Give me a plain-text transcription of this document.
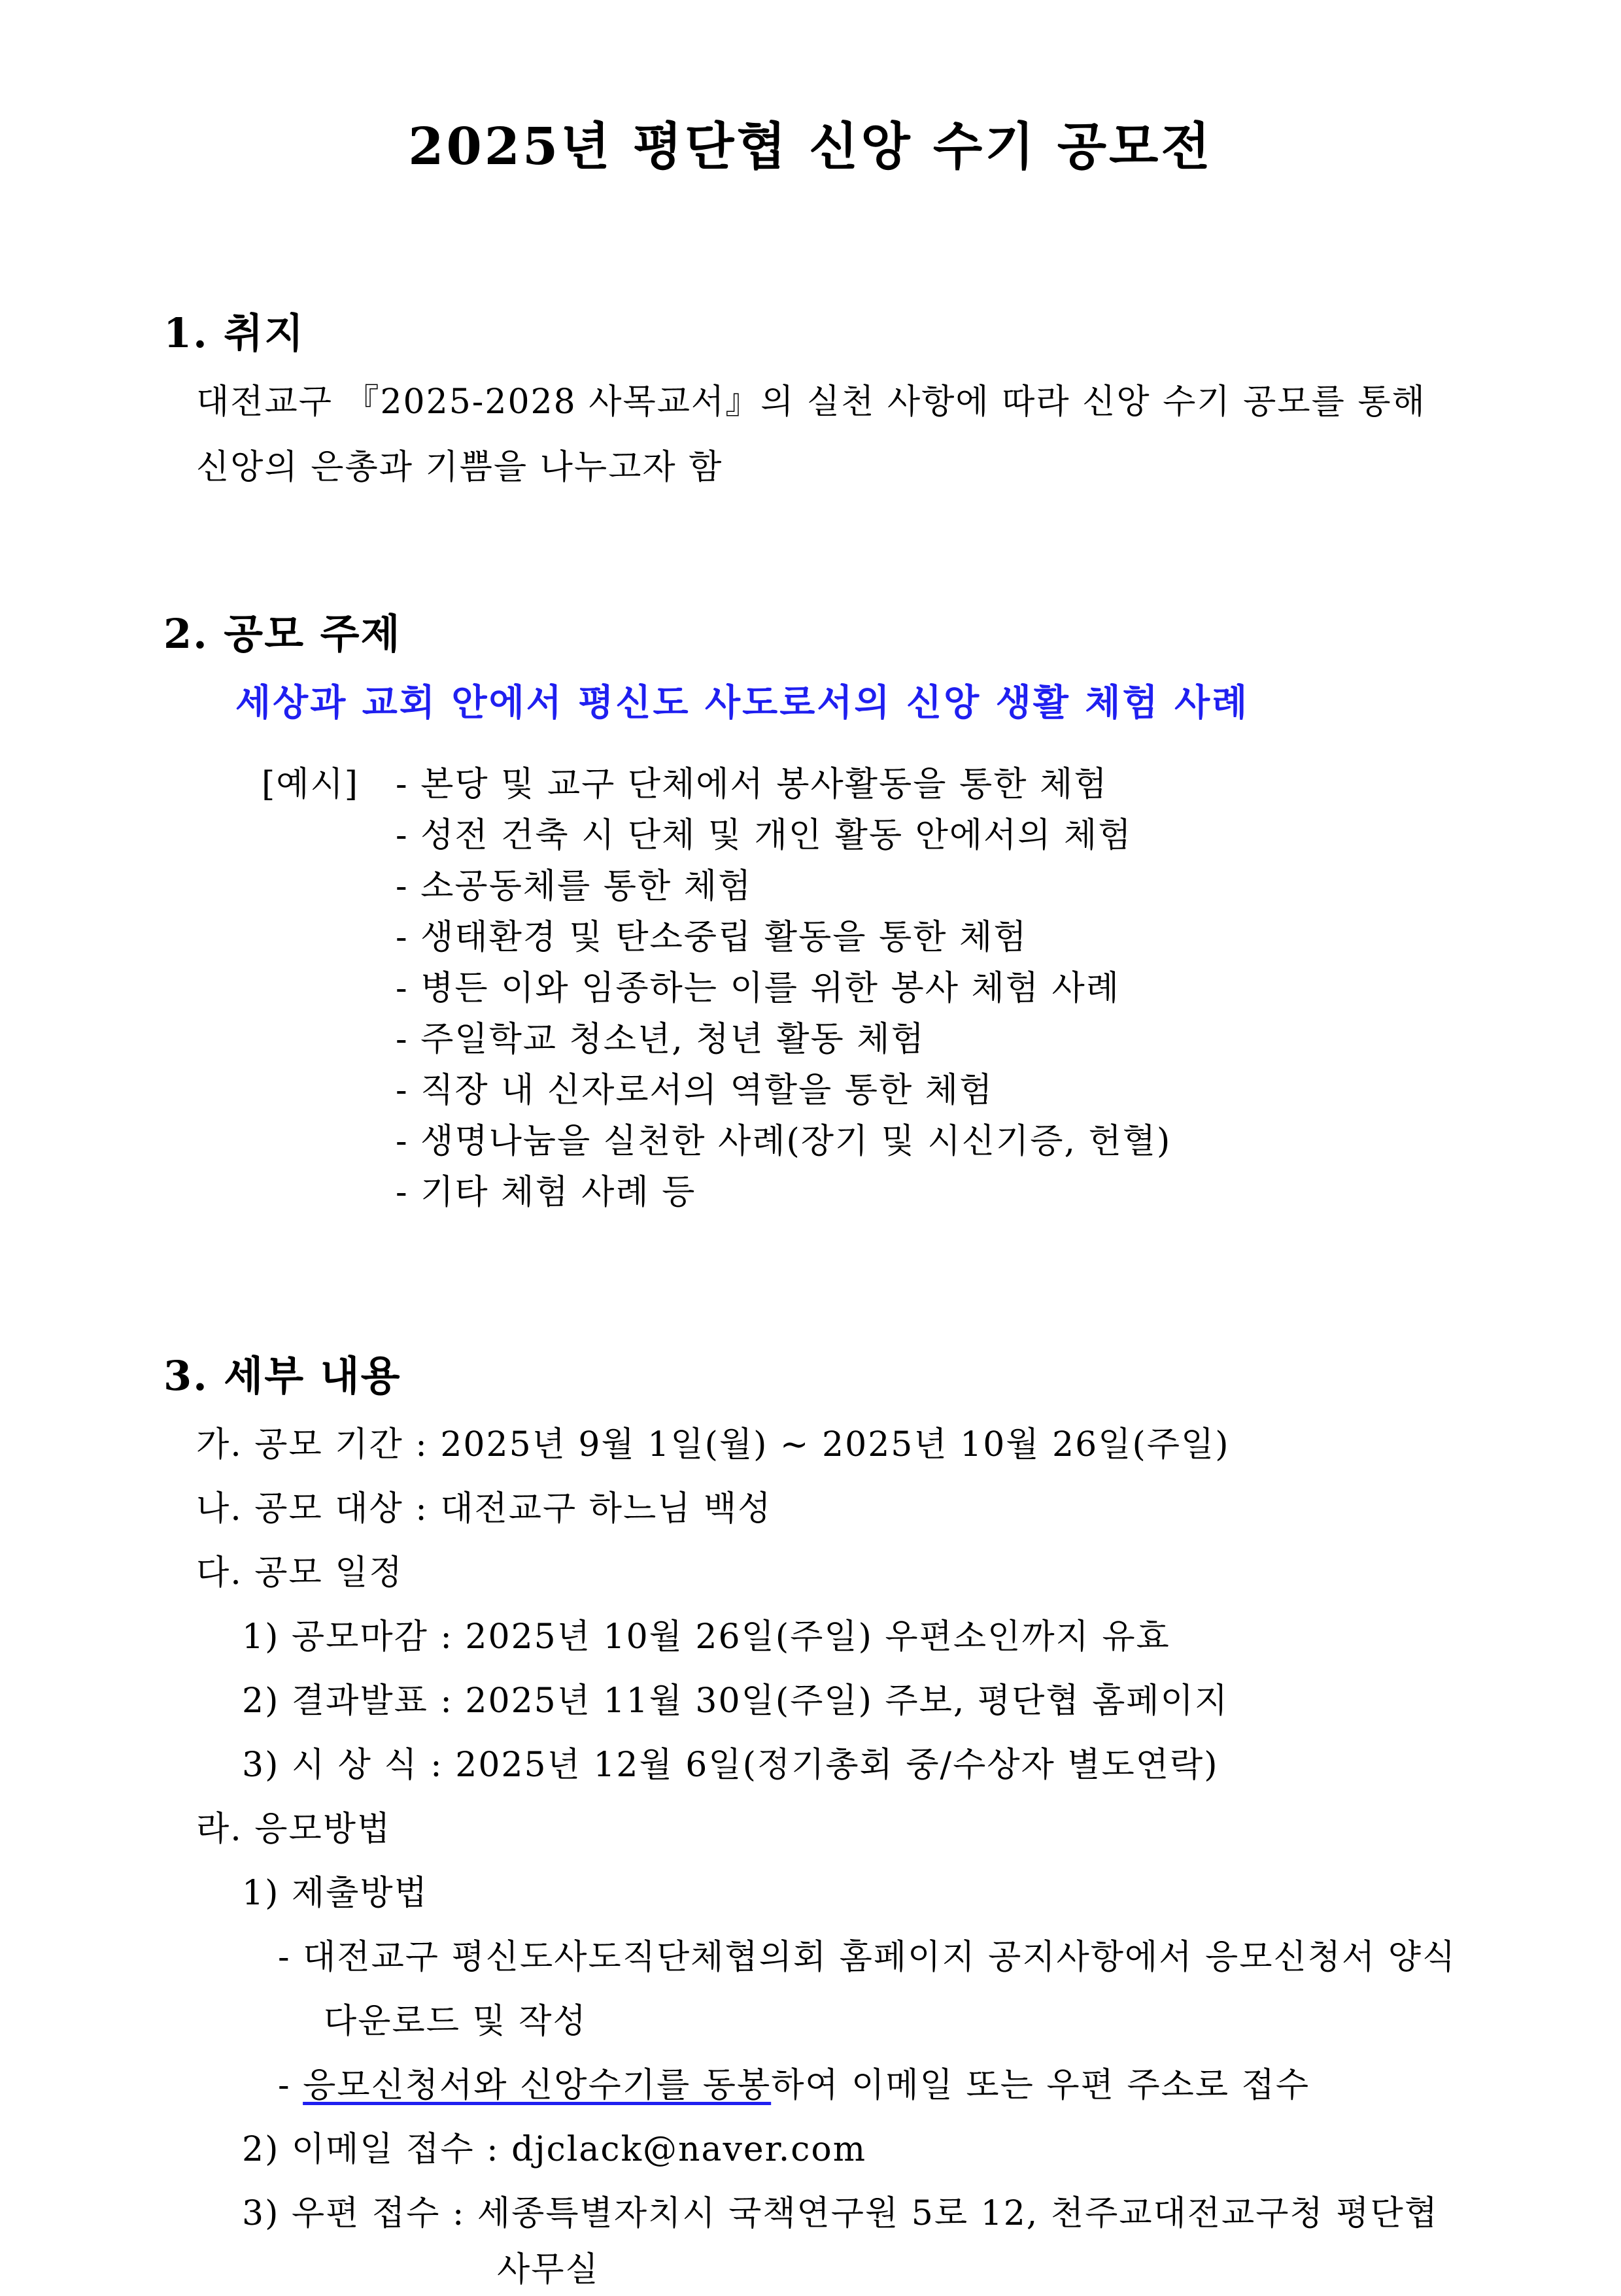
2025년 평단협 신앙 수기 공모전
1. 취지
대전교구 『2025-2028 사목교서』의 실천 사항에 따라 신앙 수기 공모를 통해
신앙의 은총과 기쁨을 나누고자 함
2. 공모 주제
세상과 교회 안에서 평신도 사도로서의 신앙 생활 체험 사례
[예시] - 본당 및 교구 단체에서 봉사활동을 통한 체험
- 성전 건축 시 단체 및 개인 활동 안에서의 체험
- 소공동체를 통한 체험
- 생태환경 및 탄소중립 활동을 통한 체험
- 병든 이와 임종하는 이를 위한 봉사 체험 사례
- 주일학교 청소년, 청년 활동 체험
- 직장 내 신자로서의 역할을 통한 체험
- 생명나눔을 실천한 사례(장기 및 시신기증, 헌혈)
- 기타 체험 사례 등
3. 세부 내용
가. 공모 기간 : 2025년 9월 1일(월) ~ 2025년 10월 26일(주일)
나. 공모 대상 : 대전교구 하느님 백성
다. 공모 일정
1) 공모마감 : 2025년 10월 26일(주일) 우편소인까지 유효
2) 결과발표 : 2025년 11월 30일(주일) 주보, 평단협 홈페이지
3) 시 상 식 : 2025년 12월 6일(정기총회 중/수상자 별도연락)
라. 응모방법
1) 제출방법
- 대전교구 평신도사도직단체협의회 홈페이지 공지사항에서 응모신청서 양식
다운로드 및 작성
- 응모신청서와 신앙수기를 동봉하여 이메일 또는 우편 주소로 접수
2) 이메일 접수 : djclack@naver.com
3) 우편 접수 : 세종특별자치시 국책연구원 5로 12, 천주교대전교구청 평단협
사무실
